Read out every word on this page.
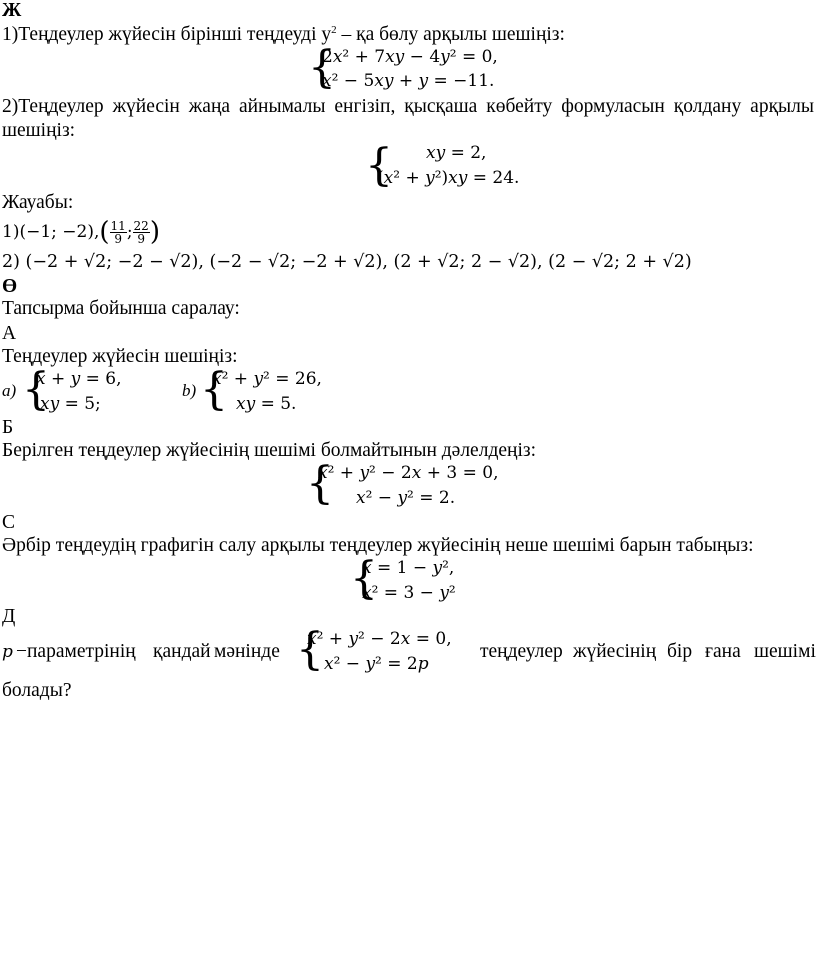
Ж
1)Теңдеулер жүйесін бірінші теңдеуді $y^2$ – қа бөлу арқылы шешіңіз:
{
2𝑥² + 7𝑥𝑦 − 4𝑦² = 0,
𝑥² − 5𝑥𝑦 + 𝑦 = −11.
2)Теңдеулер жүйесін жаңа айнымалы енгізіп, қысқаша көбейту формуласын қолдану арқылы
шешіңіз:
{ 𝑥𝑦 = 2,
(𝑥² + 𝑦²)𝑥𝑦 = 24.
Жауабы:
1)(−1; $-2),( \frac{11}{9}$ ; $\frac{22}{9}$ )
2) (−2 + √2; −2 − √2), (−2 − √2; −2 + √2), (2 + √2; 2 − √2), (2 − √2; 2 + √2)
Ө
Тапсырма бойынша саралау:
А
Теңдеулер жүйесін шешіңіз:
a) {
𝑥 + 𝑦 = 6,
𝑥𝑦 = 5;
b) {
𝑥² + 𝑦² = 26,
𝑥𝑦 = 5.
Б
Берілген теңдеулер жүйесінің шешімі болмайтынын дәлелдеңіз:
{
𝑥² + 𝑦² − 2𝑥 + 3 = 0,
𝑥² − 𝑦² = 2.
С
Әрбір теңдеудің графигін салу арқылы теңдеулер жүйесінің неше шешімі барын табыңыз:
{
𝑥 = 1 − 𝑦²,
𝑥² = 3 − 𝑦²
Д
𝑝 −параметрінің қандай мәнінде {
𝑥² + 𝑦² − 2𝑥 = 0,
𝑥² − 𝑦² = 2𝑝
теңдеулер жүйесінің бір ғана шешімі
болады?
